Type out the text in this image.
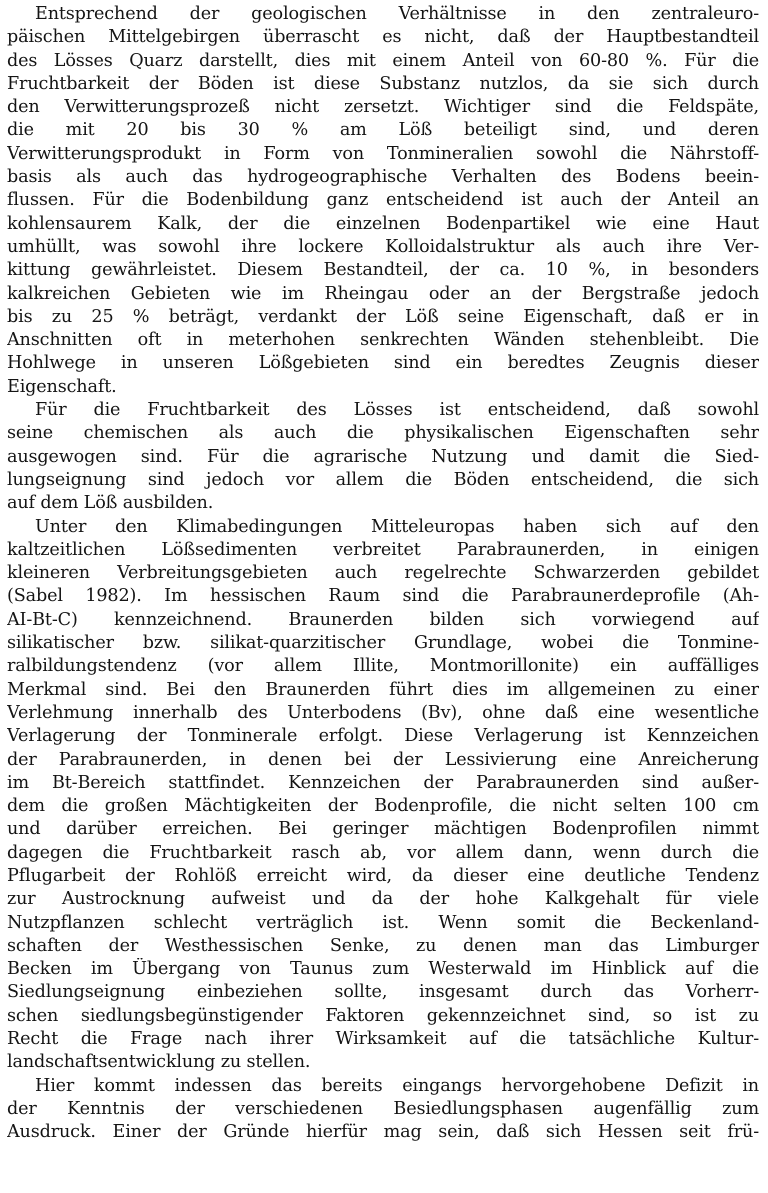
Entsprechend der geologischen Verhältnisse in den zentraleuro-
päischen Mittelgebirgen überrascht es nicht, daß der Hauptbestandteil
des Lösses Quarz darstellt, dies mit einem Anteil von 60-80 %. Für die
Fruchtbarkeit der Böden ist diese Substanz nutzlos, da sie sich durch
den Verwitterungsprozeß nicht zersetzt. Wichtiger sind die Feldspäte,
die mit 20 bis 30 % am Löß beteiligt sind, und deren
Verwitterungsprodukt in Form von Tonmineralien sowohl die Nährstoff-
basis als auch das hydrogeographische Verhalten des Bodens beein-
flussen. Für die Bodenbildung ganz entscheidend ist auch der Anteil an
kohlensaurem Kalk, der die einzelnen Bodenpartikel wie eine Haut
umhüllt, was sowohl ihre lockere Kolloidalstruktur als auch ihre Ver-
kittung gewährleistet. Diesem Bestandteil, der ca. 10 %, in besonders
kalkreichen Gebieten wie im Rheingau oder an der Bergstraße jedoch
bis zu 25 % beträgt, verdankt der Löß seine Eigenschaft, daß er in
Anschnitten oft in meterhohen senkrechten Wänden stehenbleibt. Die
Hohlwege in unseren Lößgebieten sind ein beredtes Zeugnis dieser
Eigenschaft.
Für die Fruchtbarkeit des Lösses ist entscheidend, daß sowohl
seine chemischen als auch die physikalischen Eigenschaften sehr
ausgewogen sind. Für die agrarische Nutzung und damit die Sied-
lungseignung sind jedoch vor allem die Böden entscheidend, die sich
auf dem Löß ausbilden.
Unter den Klimabedingungen Mitteleuropas haben sich auf den
kaltzeitlichen Lößsedimenten verbreitet Parabraunerden, in einigen
kleineren Verbreitungsgebieten auch regelrechte Schwarzerden gebildet
(Sabel 1982). Im hessischen Raum sind die Parabraunerdeprofile (Ah-
AI-Bt-C) kennzeichnend. Braunerden bilden sich vorwiegend auf
silikatischer bzw. silikat-quarzitischer Grundlage, wobei die Tonmine-
ralbildungstendenz (vor allem Illite, Montmorillonite) ein auffälliges
Merkmal sind. Bei den Braunerden führt dies im allgemeinen zu einer
Verlehmung innerhalb des Unterbodens (Bv), ohne daß eine wesentliche
Verlagerung der Tonminerale erfolgt. Diese Verlagerung ist Kennzeichen
der Parabraunerden, in denen bei der Lessivierung eine Anreicherung
im Bt-Bereich stattfindet. Kennzeichen der Parabraunerden sind außer-
dem die großen Mächtigkeiten der Bodenprofile, die nicht selten 100 cm
und darüber erreichen. Bei geringer mächtigen Bodenprofilen nimmt
dagegen die Fruchtbarkeit rasch ab, vor allem dann, wenn durch die
Pflugarbeit der Rohlöß erreicht wird, da dieser eine deutliche Tendenz
zur Austrocknung aufweist und da der hohe Kalkgehalt für viele
Nutzpflanzen schlecht verträglich ist. Wenn somit die Beckenland-
schaften der Westhessischen Senke, zu denen man das Limburger
Becken im Übergang von Taunus zum Westerwald im Hinblick auf die
Siedlungseignung einbeziehen sollte, insgesamt durch das Vorherr-
schen siedlungsbegünstigender Faktoren gekennzeichnet sind, so ist zu
Recht die Frage nach ihrer Wirksamkeit auf die tatsächliche Kultur-
landschaftsentwicklung zu stellen.
Hier kommt indessen das bereits eingangs hervorgehobene Defizit in
der Kenntnis der verschiedenen Besiedlungsphasen augenfällig zum
Ausdruck. Einer der Gründe hierfür mag sein, daß sich Hessen seit frü-
